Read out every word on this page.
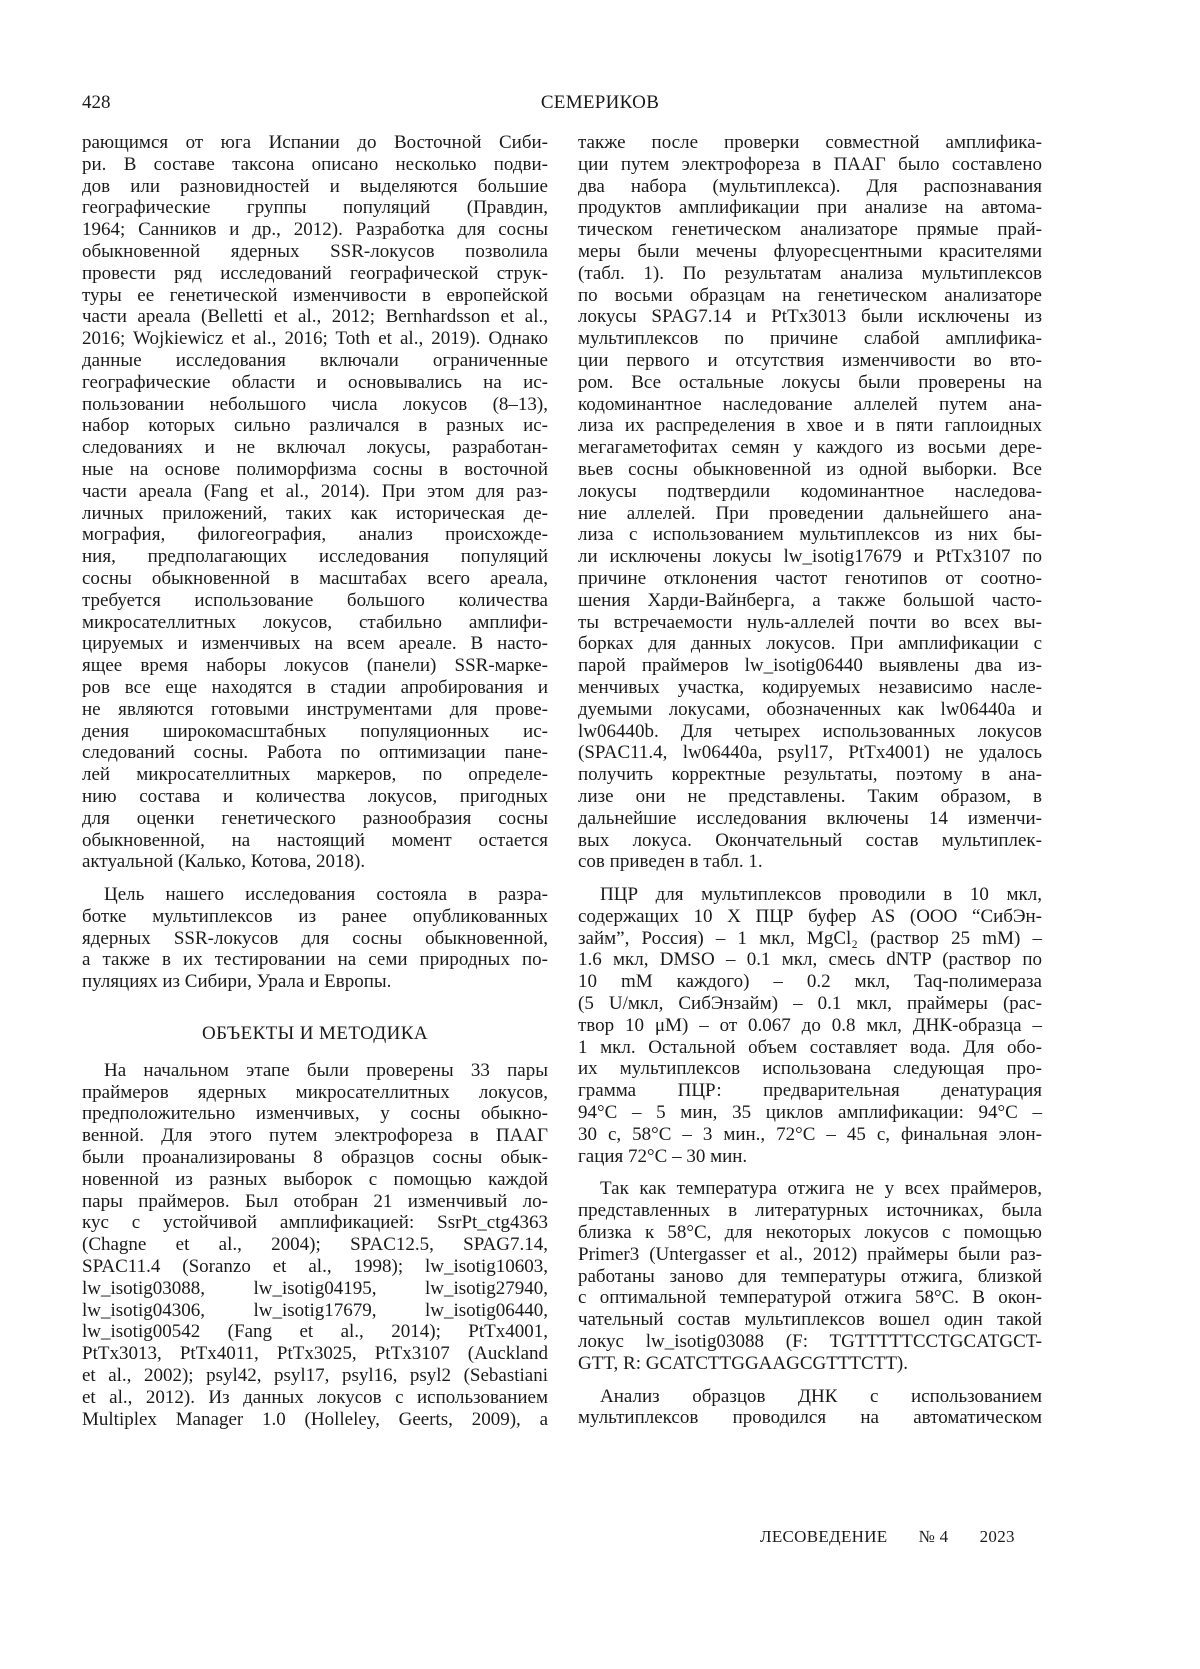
428	СЕМЕРИКОВ
рающимся от юга Испании до Восточной Сиби-
ри. В составе таксона описано несколько подви-
дов или разновидностей и выделяются большие
географические группы популяций (Правдин,
1964; Санников и др., 2012). Разработка для сосны
обыкновенной ядерных SSR-локусов позволила
провести ряд исследований географической струк-
туры ее генетической изменчивости в европейской
части ареала (Belletti et al., 2012; Bernhardsson et al.,
2016; Wojkiewicz et al., 2016; Toth et al., 2019). Однако
данные исследования включали ограниченные
географические области и основывались на ис-
пользовании небольшого числа локусов (8–13),
набор которых сильно различался в разных ис-
следованиях и не включал локусы, разработан-
ные на основе полиморфизма сосны в восточной
части ареала (Fang et al., 2014). При этом для раз-
личных приложений, таких как историческая де-
мография, филогеография, анализ происхожде-
ния, предполагающих исследования популяций
сосны обыкновенной в масштабах всего ареала,
требуется использование большого количества
микросателлитных локусов, стабильно амплифи-
цируемых и изменчивых на всем ареале. В насто-
ящее время наборы локусов (панели) SSR-марке-
ров все еще находятся в стадии апробирования и
не являются готовыми инструментами для прове-
дения широкомасштабных популяционных ис-
следований сосны. Работа по оптимизации пане-
лей микросателлитных маркеров, по определе-
нию состава и количества локусов, пригодных
для оценки генетического разнообразия сосны
обыкновенной, на настоящий момент остается
актуальной (Калько, Котова, 2018).
Цель нашего исследования состояла в разра-
ботке мультиплексов из ранее опубликованных
ядерных SSR-локусов для сосны обыкновенной,
а также в их тестировании на семи природных по-
пуляциях из Сибири, Урала и Европы.
ОБЪЕКТЫ И МЕТОДИКА
На начальном этапе были проверены 33 пары
праймеров ядерных микросателлитных локусов,
предположительно изменчивых, у сосны обыкно-
венной. Для этого путем электрофореза в ПААГ
были проанализированы 8 образцов сосны обык-
новенной из разных выборок с помощью каждой
пары праймеров. Был отобран 21 изменчивый ло-
кус с устойчивой амплификацией: SsrPt_ctg4363
(Chagne et al., 2004); SPAC12.5, SPAG7.14,
SPAC11.4 (Soranzo et al., 1998); lw_isotig10603,
lw_isotig03088, lw_isotig04195, lw_isotig27940,
lw_isotig04306, lw_isotig17679, lw_isotig06440,
lw_isotig00542 (Fang et al., 2014); PtTx4001,
PtTx3013, PtTx4011, PtTx3025, PtTx3107 (Auckland
et al., 2002); psyl42, psyl17, psyl16, psyl2 (Sebastiani
et al., 2012). Из данных локусов с использованием
Multiplex Manager 1.0 (Holleley, Geerts, 2009), а
также после проверки совместной амплифика-
ции путем электрофореза в ПААГ было составлено
два набора (мультиплекса). Для распознавания
продуктов амплификации при анализе на автома-
тическом генетическом анализаторе прямые прай-
меры были мечены флуоресцентными красителями
(табл. 1). По результатам анализа мультиплексов
по восьми образцам на генетическом анализаторе
локусы SPAG7.14 и PtTx3013 были исключены из
мультиплексов по причине слабой амплифика-
ции первого и отсутствия изменчивости во вто-
ром. Все остальные локусы были проверены на
кодоминантное наследование аллелей путем ана-
лиза их распределения в хвое и в пяти гаплоидных
мегагаметофитах семян у каждого из восьми дере-
вьев сосны обыкновенной из одной выборки. Все
локусы подтвердили кодоминантное наследова-
ние аллелей. При проведении дальнейшего ана-
лиза с использованием мультиплексов из них бы-
ли исключены локусы lw_isotig17679 и PtTx3107 по
причине отклонения частот генотипов от соотно-
шения Харди-Вайнберга, а также большой часто-
ты встречаемости нуль-аллелей почти во всех вы-
борках для данных локусов. При амплификации с
парой праймеров lw_isotig06440 выявлены два из-
менчивых участка, кодируемых независимо насле-
дуемыми локусами, обозначенных как lw06440a и
lw06440b. Для четырех использованных локусов
(SPAC11.4, lw06440a, psyl17, PtTx4001) не удалось
получить корректные результаты, поэтому в ана-
лизе они не представлены. Таким образом, в
дальнейшие исследования включены 14 изменчи-
вых локуса. Окончательный состав мультиплек-
сов приведен в табл. 1.
ПЦР для мультиплексов проводили в 10 мкл,
содержащих 10 X ПЦР буфер AS (ООО “СибЭн-
займ”, Россия) – 1 мкл, MgCl₂ (раствор 25 mM) –
1.6 мкл, DMSO – 0.1 мкл, смесь dNTP (раствор по
10 mM каждого) – 0.2 мкл, Taq-полимераза
(5 U/мкл, СибЭнзайм) – 0.1 мкл, праймеры (рас-
твор 10 μM) – от 0.067 до 0.8 мкл, ДНК-образца –
1 мкл. Остальной объем составляет вода. Для обо-
их мультиплексов использована следующая про-
грамма ПЦР: предварительная денатурация
94°C – 5 мин, 35 циклов амплификации: 94°C –
30 с, 58°C – 3 мин., 72°C – 45 с, финальная элон-
гация 72°C – 30 мин.
Так как температура отжига не у всех праймеров,
представленных в литературных источниках, была
близка к 58°C, для некоторых локусов с помощью
Primer3 (Untergasser et al., 2012) праймеры были раз-
работаны заново для температуры отжига, близкой
с оптимальной температурой отжига 58°C. В окон-
чательный состав мультиплексов вошел один такой
локус lw_isotig03088 (F: TGTTTTTCCTGCATGCT-
GTT, R: GCATCTTGGAAGCGTTTCTT).
Анализ образцов ДНК с использованием
мультиплексов проводился на автоматическом
ЛЕСОВЕДЕНИЕ № 4 2023
